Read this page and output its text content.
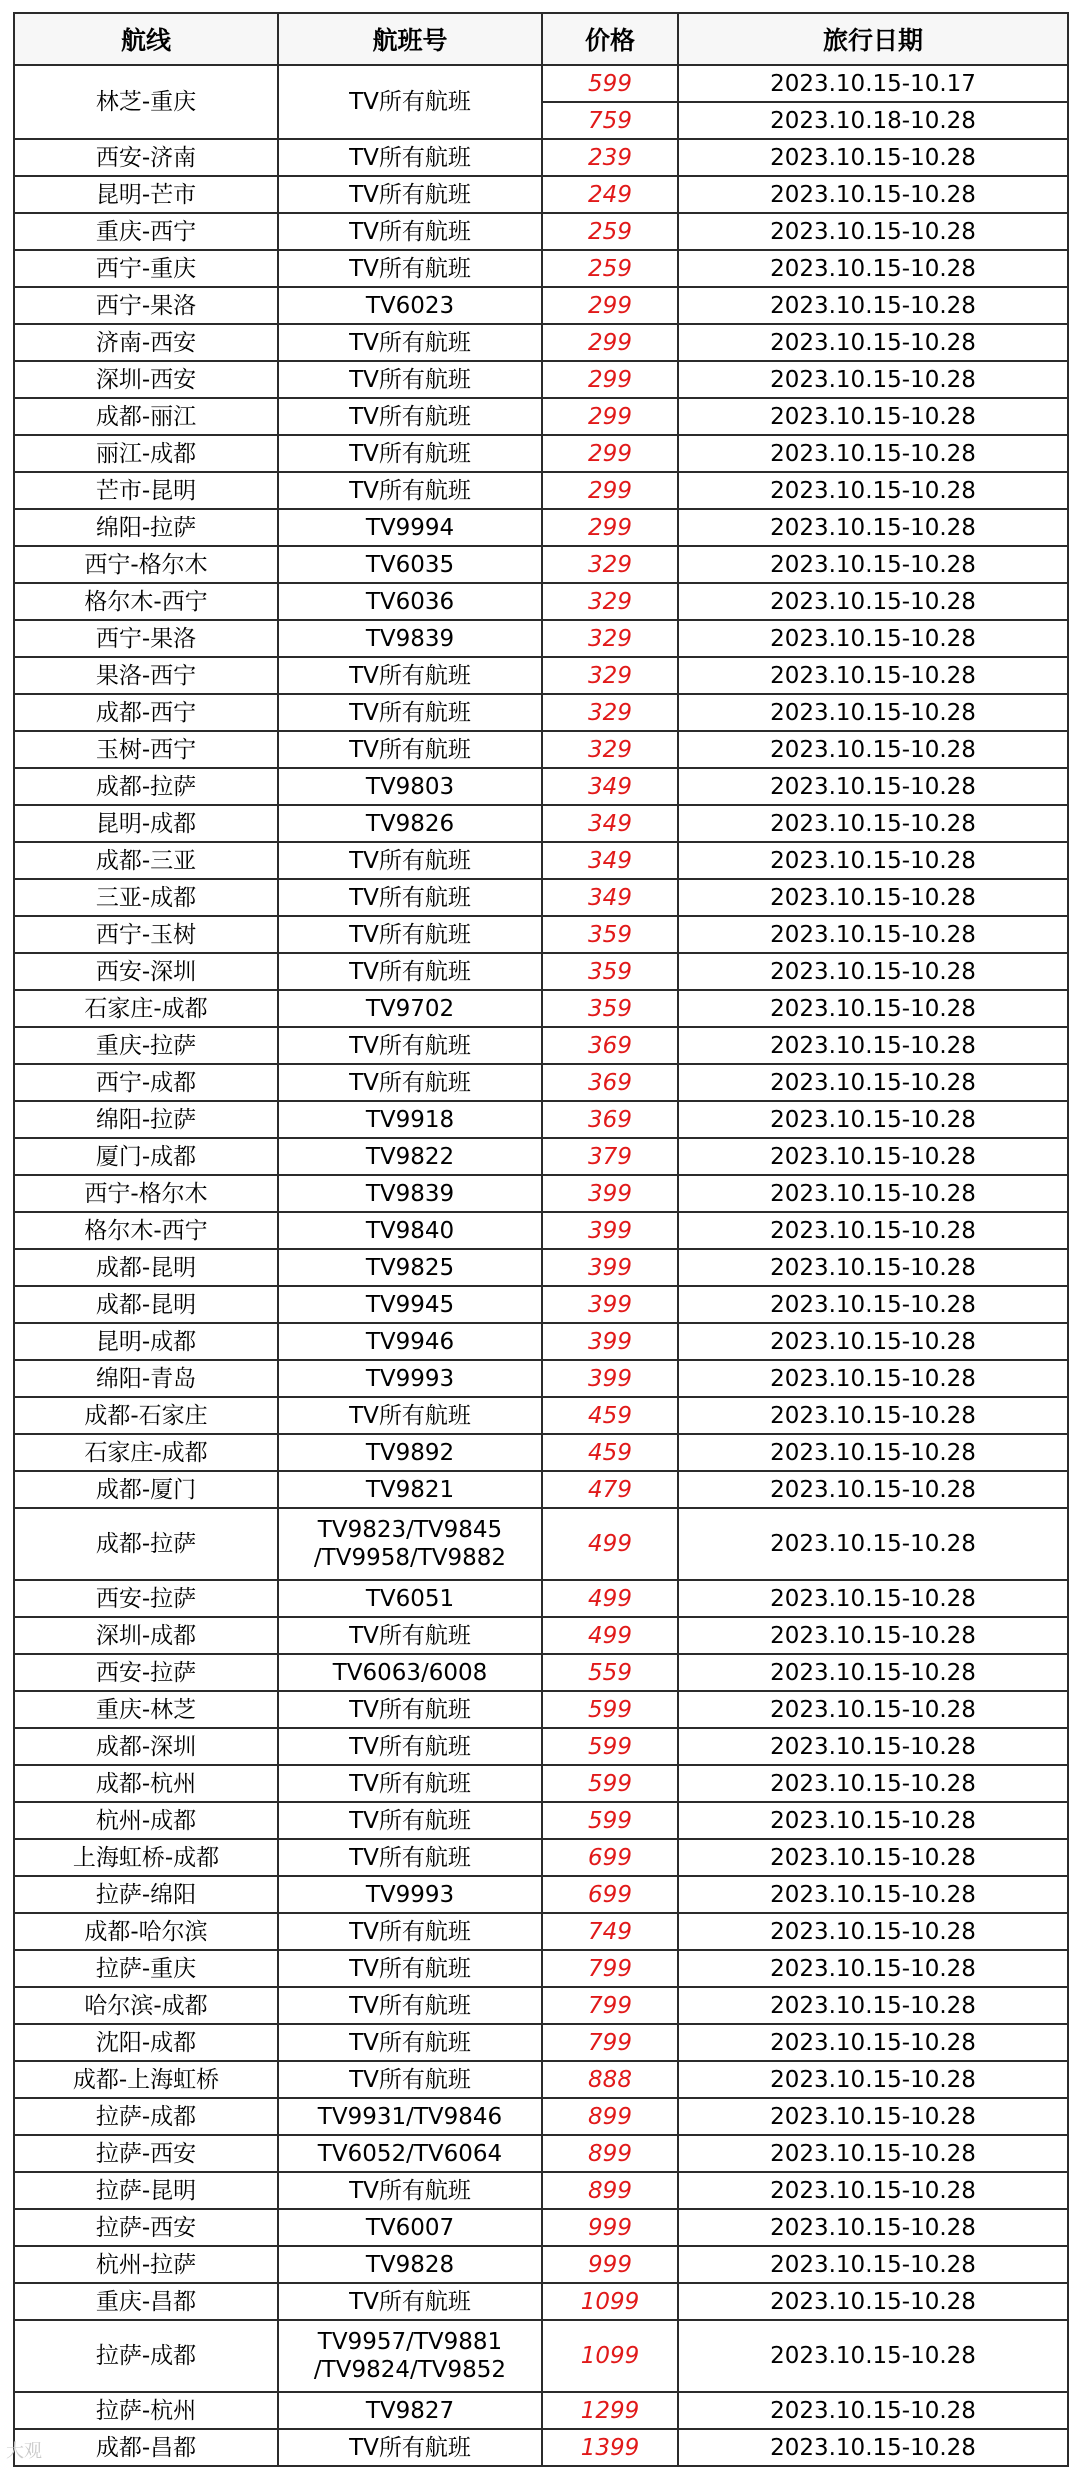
航线	航班号	价格	旅行日期
林芝-重庆	TV所有航班	599	2023.10.15-10.17
		759	2023.10.18-10.28
西安-济南	TV所有航班	239	2023.10.15-10.28
昆明-芒市	TV所有航班	249	2023.10.15-10.28
重庆-西宁	TV所有航班	259	2023.10.15-10.28
西宁-重庆	TV所有航班	259	2023.10.15-10.28
西宁-果洛	TV6023	299	2023.10.15-10.28
济南-西安	TV所有航班	299	2023.10.15-10.28
深圳-西安	TV所有航班	299	2023.10.15-10.28
成都-丽江	TV所有航班	299	2023.10.15-10.28
丽江-成都	TV所有航班	299	2023.10.15-10.28
芒市-昆明	TV所有航班	299	2023.10.15-10.28
绵阳-拉萨	TV9994	299	2023.10.15-10.28
西宁-格尔木	TV6035	329	2023.10.15-10.28
格尔木-西宁	TV6036	329	2023.10.15-10.28
西宁-果洛	TV9839	329	2023.10.15-10.28
果洛-西宁	TV所有航班	329	2023.10.15-10.28
成都-西宁	TV所有航班	329	2023.10.15-10.28
玉树-西宁	TV所有航班	329	2023.10.15-10.28
成都-拉萨	TV9803	349	2023.10.15-10.28
昆明-成都	TV9826	349	2023.10.15-10.28
成都-三亚	TV所有航班	349	2023.10.15-10.28
三亚-成都	TV所有航班	349	2023.10.15-10.28
西宁-玉树	TV所有航班	359	2023.10.15-10.28
西安-深圳	TV所有航班	359	2023.10.15-10.28
石家庄-成都	TV9702	359	2023.10.15-10.28
重庆-拉萨	TV所有航班	369	2023.10.15-10.28
西宁-成都	TV所有航班	369	2023.10.15-10.28
绵阳-拉萨	TV9918	369	2023.10.15-10.28
厦门-成都	TV9822	379	2023.10.15-10.28
西宁-格尔木	TV9839	399	2023.10.15-10.28
格尔木-西宁	TV9840	399	2023.10.15-10.28
成都-昆明	TV9825	399	2023.10.15-10.28
成都-昆明	TV9945	399	2023.10.15-10.28
昆明-成都	TV9946	399	2023.10.15-10.28
绵阳-青岛	TV9993	399	2023.10.15-10.28
成都-石家庄	TV所有航班	459	2023.10.15-10.28
石家庄-成都	TV9892	459	2023.10.15-10.28
成都-厦门	TV9821	479	2023.10.15-10.28
成都-拉萨	TV9823/TV9845
/TV9958/TV9882	499	2023.10.15-10.28
西安-拉萨	TV6051	499	2023.10.15-10.28
深圳-成都	TV所有航班	499	2023.10.15-10.28
西安-拉萨	TV6063/6008	559	2023.10.15-10.28
重庆-林芝	TV所有航班	599	2023.10.15-10.28
成都-深圳	TV所有航班	599	2023.10.15-10.28
成都-杭州	TV所有航班	599	2023.10.15-10.28
杭州-成都	TV所有航班	599	2023.10.15-10.28
上海虹桥-成都	TV所有航班	699	2023.10.15-10.28
拉萨-绵阳	TV9993	699	2023.10.15-10.28
成都-哈尔滨	TV所有航班	749	2023.10.15-10.28
拉萨-重庆	TV所有航班	799	2023.10.15-10.28
哈尔滨-成都	TV所有航班	799	2023.10.15-10.28
沈阳-成都	TV所有航班	799	2023.10.15-10.28
成都-上海虹桥	TV所有航班	888	2023.10.15-10.28
拉萨-成都	TV9931/TV9846	899	2023.10.15-10.28
拉萨-西安	TV6052/TV6064	899	2023.10.15-10.28
拉萨-昆明	TV所有航班	899	2023.10.15-10.28
拉萨-西安	TV6007	999	2023.10.15-10.28
杭州-拉萨	TV9828	999	2023.10.15-10.28
重庆-昌都	TV所有航班	1099	2023.10.15-10.28
拉萨-成都	TV9957/TV9881
/TV9824/TV9852	1099	2023.10.15-10.28
拉萨-杭州	TV9827	1299	2023.10.15-10.28
成都-昌都	TV所有航班	1399	2023.10.15-10.28
大观
